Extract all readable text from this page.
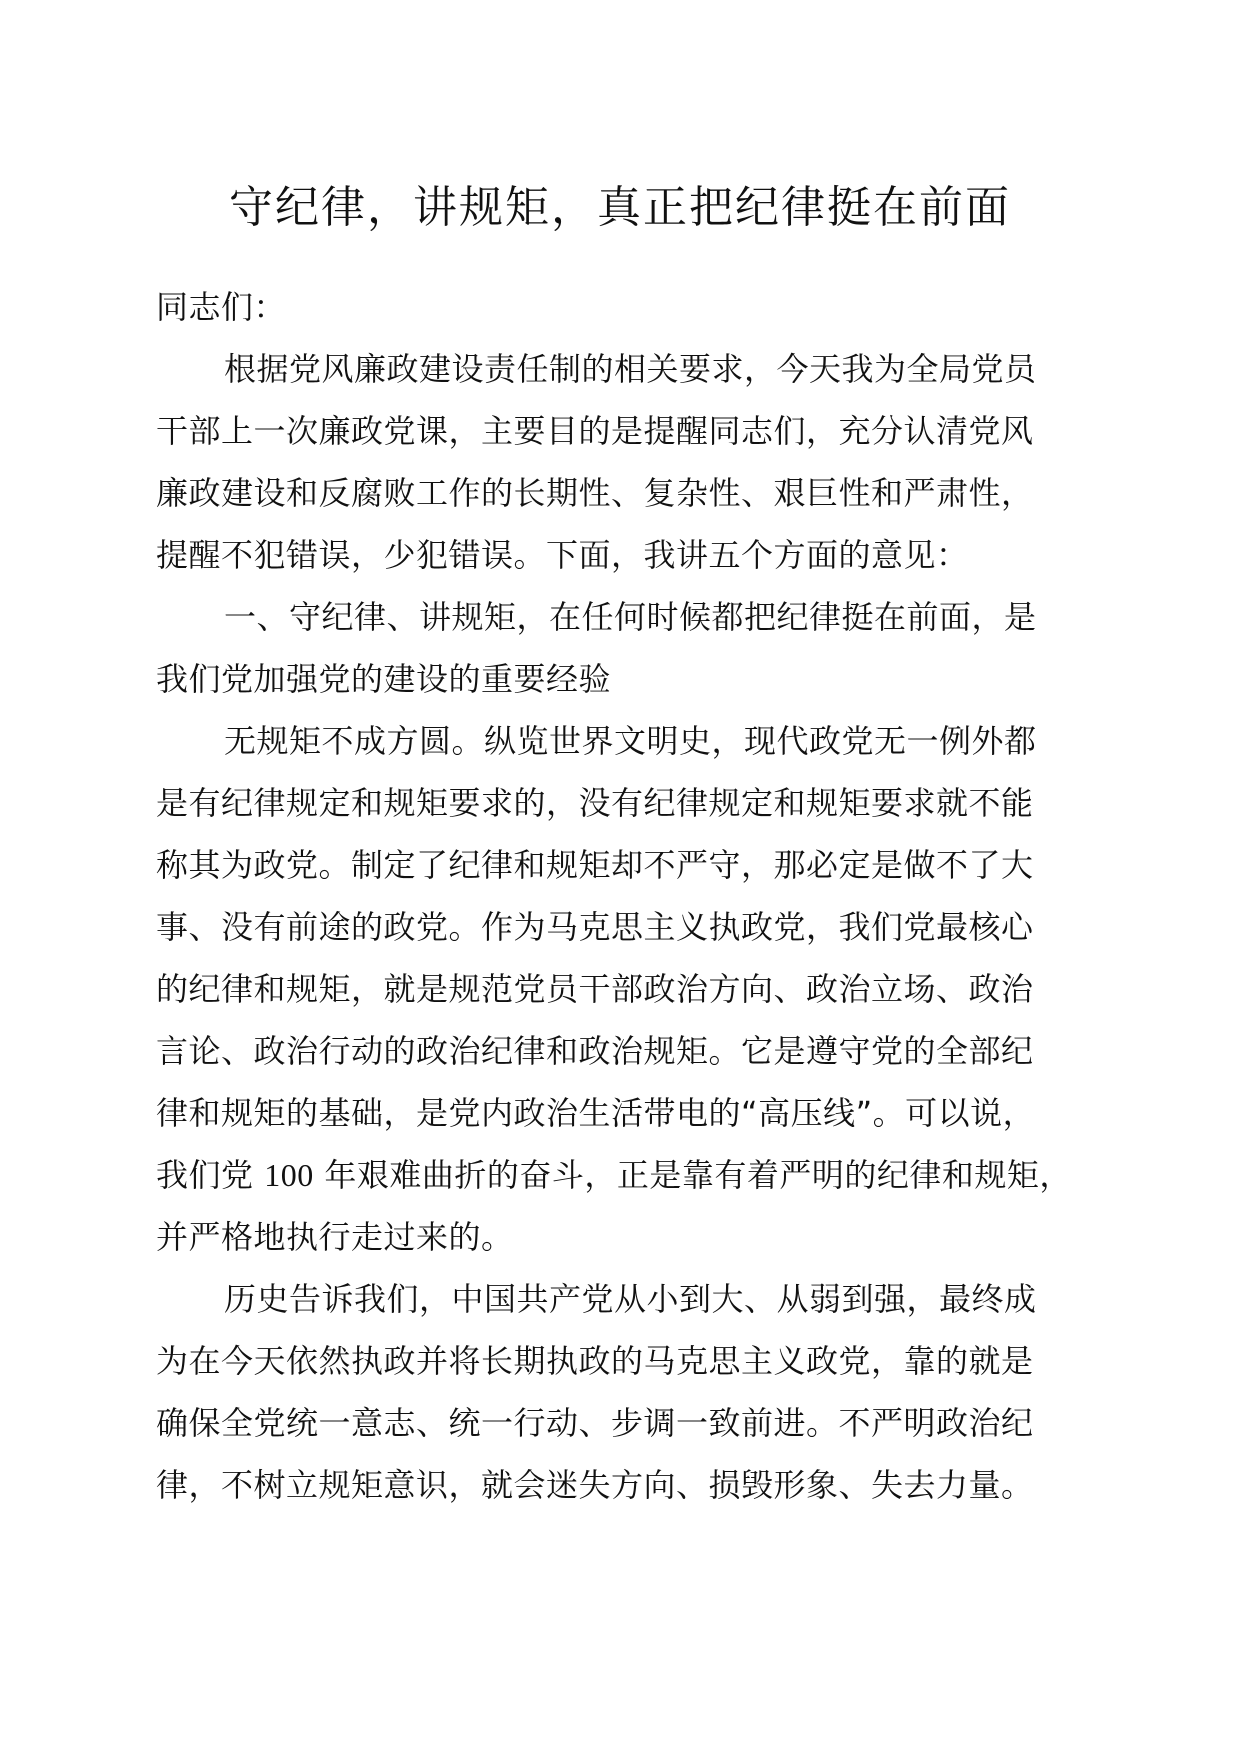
守纪律，讲规矩，真正把纪律挺在前面
同志们：
根据党风廉政建设责任制的相关要求，今天我为全局党员
干部上一次廉政党课，主要目的是提醒同志们，充分认清党风
廉政建设和反腐败工作的长期性、复杂性、艰巨性和严肃性，
提醒不犯错误，少犯错误。下面，我讲五个方面的意见：
一、守纪律、讲规矩，在任何时候都把纪律挺在前面，是
我们党加强党的建设的重要经验
无规矩不成方圆。纵览世界文明史，现代政党无一例外都
是有纪律规定和规矩要求的，没有纪律规定和规矩要求就不能
称其为政党。制定了纪律和规矩却不严守，那必定是做不了大
事、没有前途的政党。作为马克思主义执政党，我们党最核心
的纪律和规矩，就是规范党员干部政治方向、政治立场、政治
言论、政治行动的政治纪律和政治规矩。它是遵守党的全部纪
律和规矩的基础，是党内政治生活带电的“高压线”。可以说，
我们党 100 年艰难曲折的奋斗，正是靠有着严明的纪律和规矩，
并严格地执行走过来的。
历史告诉我们，中国共产党从小到大、从弱到强，最终成
为在今天依然执政并将长期执政的马克思主义政党，靠的就是
确保全党统一意志、统一行动、步调一致前进。不严明政治纪
律，不树立规矩意识，就会迷失方向、损毁形象、失去力量。
